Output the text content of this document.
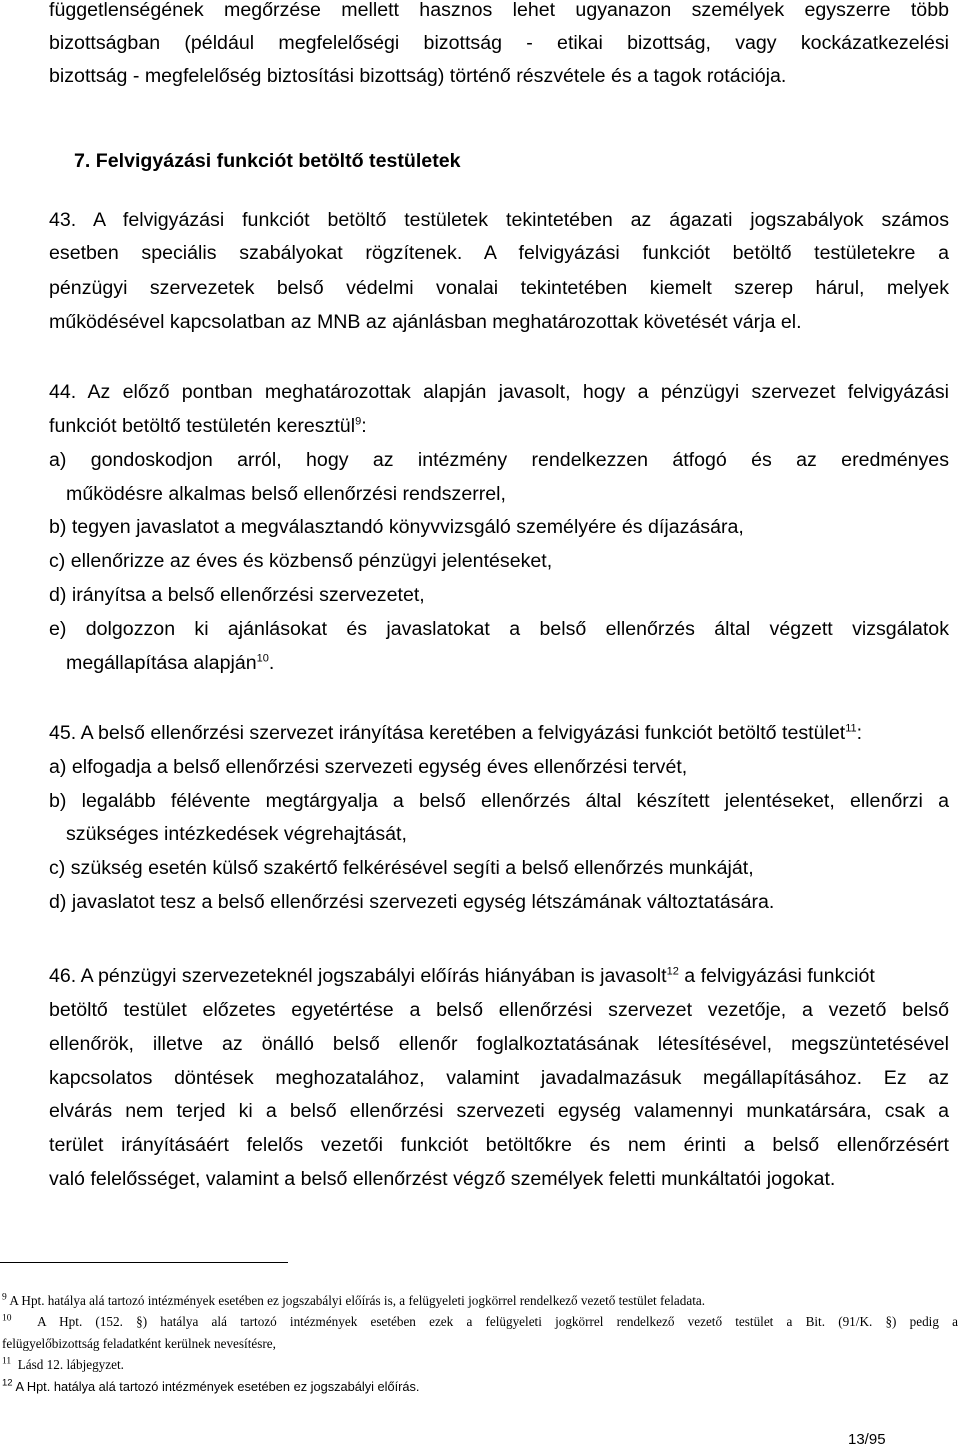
függetlenségének megőrzése mellett hasznos lehet ugyanazon személyek egyszerre több
bizottságban (például megfelelőségi bizottság - etikai bizottság, vagy kockázatkezelési
bizottság - megfelelőség biztosítási bizottság) történő részvétele és a tagok rotációja.
7. Felvigyázási funkciót betöltő testületek
43. A felvigyázási funkciót betöltő testületek tekintetében az ágazati jogszabályok számos
esetben speciális szabályokat rögzítenek. A felvigyázási funkciót betöltő testületekre a
pénzügyi szervezetek belső védelmi vonalai tekintetében kiemelt szerep hárul, melyek
működésével kapcsolatban az MNB az ajánlásban meghatározottak követését várja el.
44. Az előző pontban meghatározottak alapján javasolt, hogy a pénzügyi szervezet felvigyázási
funkciót betöltő testületén keresztül$^9$:
a) gondoskodjon arról, hogy az intézmény rendelkezzen átfogó és az eredményes
működésre alkalmas belső ellenőrzési rendszerrel,
b) tegyen javaslatot a megválasztandó könyvvizsgáló személyére és díjazására,
c) ellenőrizze az éves és közbenső pénzügyi jelentéseket,
d) irányítsa a belső ellenőrzési szervezetet,
e) dolgozzon ki ajánlásokat és javaslatokat a belső ellenőrzés által végzett vizsgálatok
megállapítása alapján$^{10}$.
45. A belső ellenőrzési szervezet irányítása keretében a felvigyázási funkciót betöltő testület$^{11}$:
a) elfogadja a belső ellenőrzési szervezeti egység éves ellenőrzési tervét,
b) legalább félévente megtárgyalja a belső ellenőrzés által készített jelentéseket, ellenőrzi a
szükséges intézkedések végrehajtását,
c) szükség esetén külső szakértő felkérésével segíti a belső ellenőrzés munkáját,
d) javaslatot tesz a belső ellenőrzési szervezeti egység létszámának változtatására.
46. A pénzügyi szervezeteknél jogszabályi előírás hiányában is javasolt$^{12}$ a felvigyázási funkciót
betöltő testület előzetes egyetértése a belső ellenőrzési szervezet vezetője, a vezető belső
ellenőrök, illetve az önálló belső ellenőr foglalkoztatásának létesítésével, megszüntetésével
kapcsolatos döntések meghozatalához, valamint javadalmazásuk megállapításához. Ez az
elvárás nem terjed ki a belső ellenőrzési szervezeti egység valamennyi munkatársára, csak a
terület irányításáért felelős vezetői funkciót betöltőkre és nem érinti a belső ellenőrzésért
való felelősséget, valamint a belső ellenőrzést végző személyek feletti munkáltatói jogokat.
$^9$ A Hpt. hatálya alá tartozó intézmények esetében ez jogszabályi előírás is, a felügyeleti jogkörrel rendelkező vezető testület feladata.
$^{10}$ A Hpt. (152. §) hatálya alá tartozó intézmények esetében ezek a felügyeleti jogkörrel rendelkező vezető testület a Bit. (91/K. §) pedig a
felügyelőbizottság feladatként kerülnek nevesítésre,
$^{11}$ Lásd 12. lábjegyzet.
$^{12}$ A Hpt. hatálya alá tartozó intézmények esetében ez jogszabályi előírás.
13/95
